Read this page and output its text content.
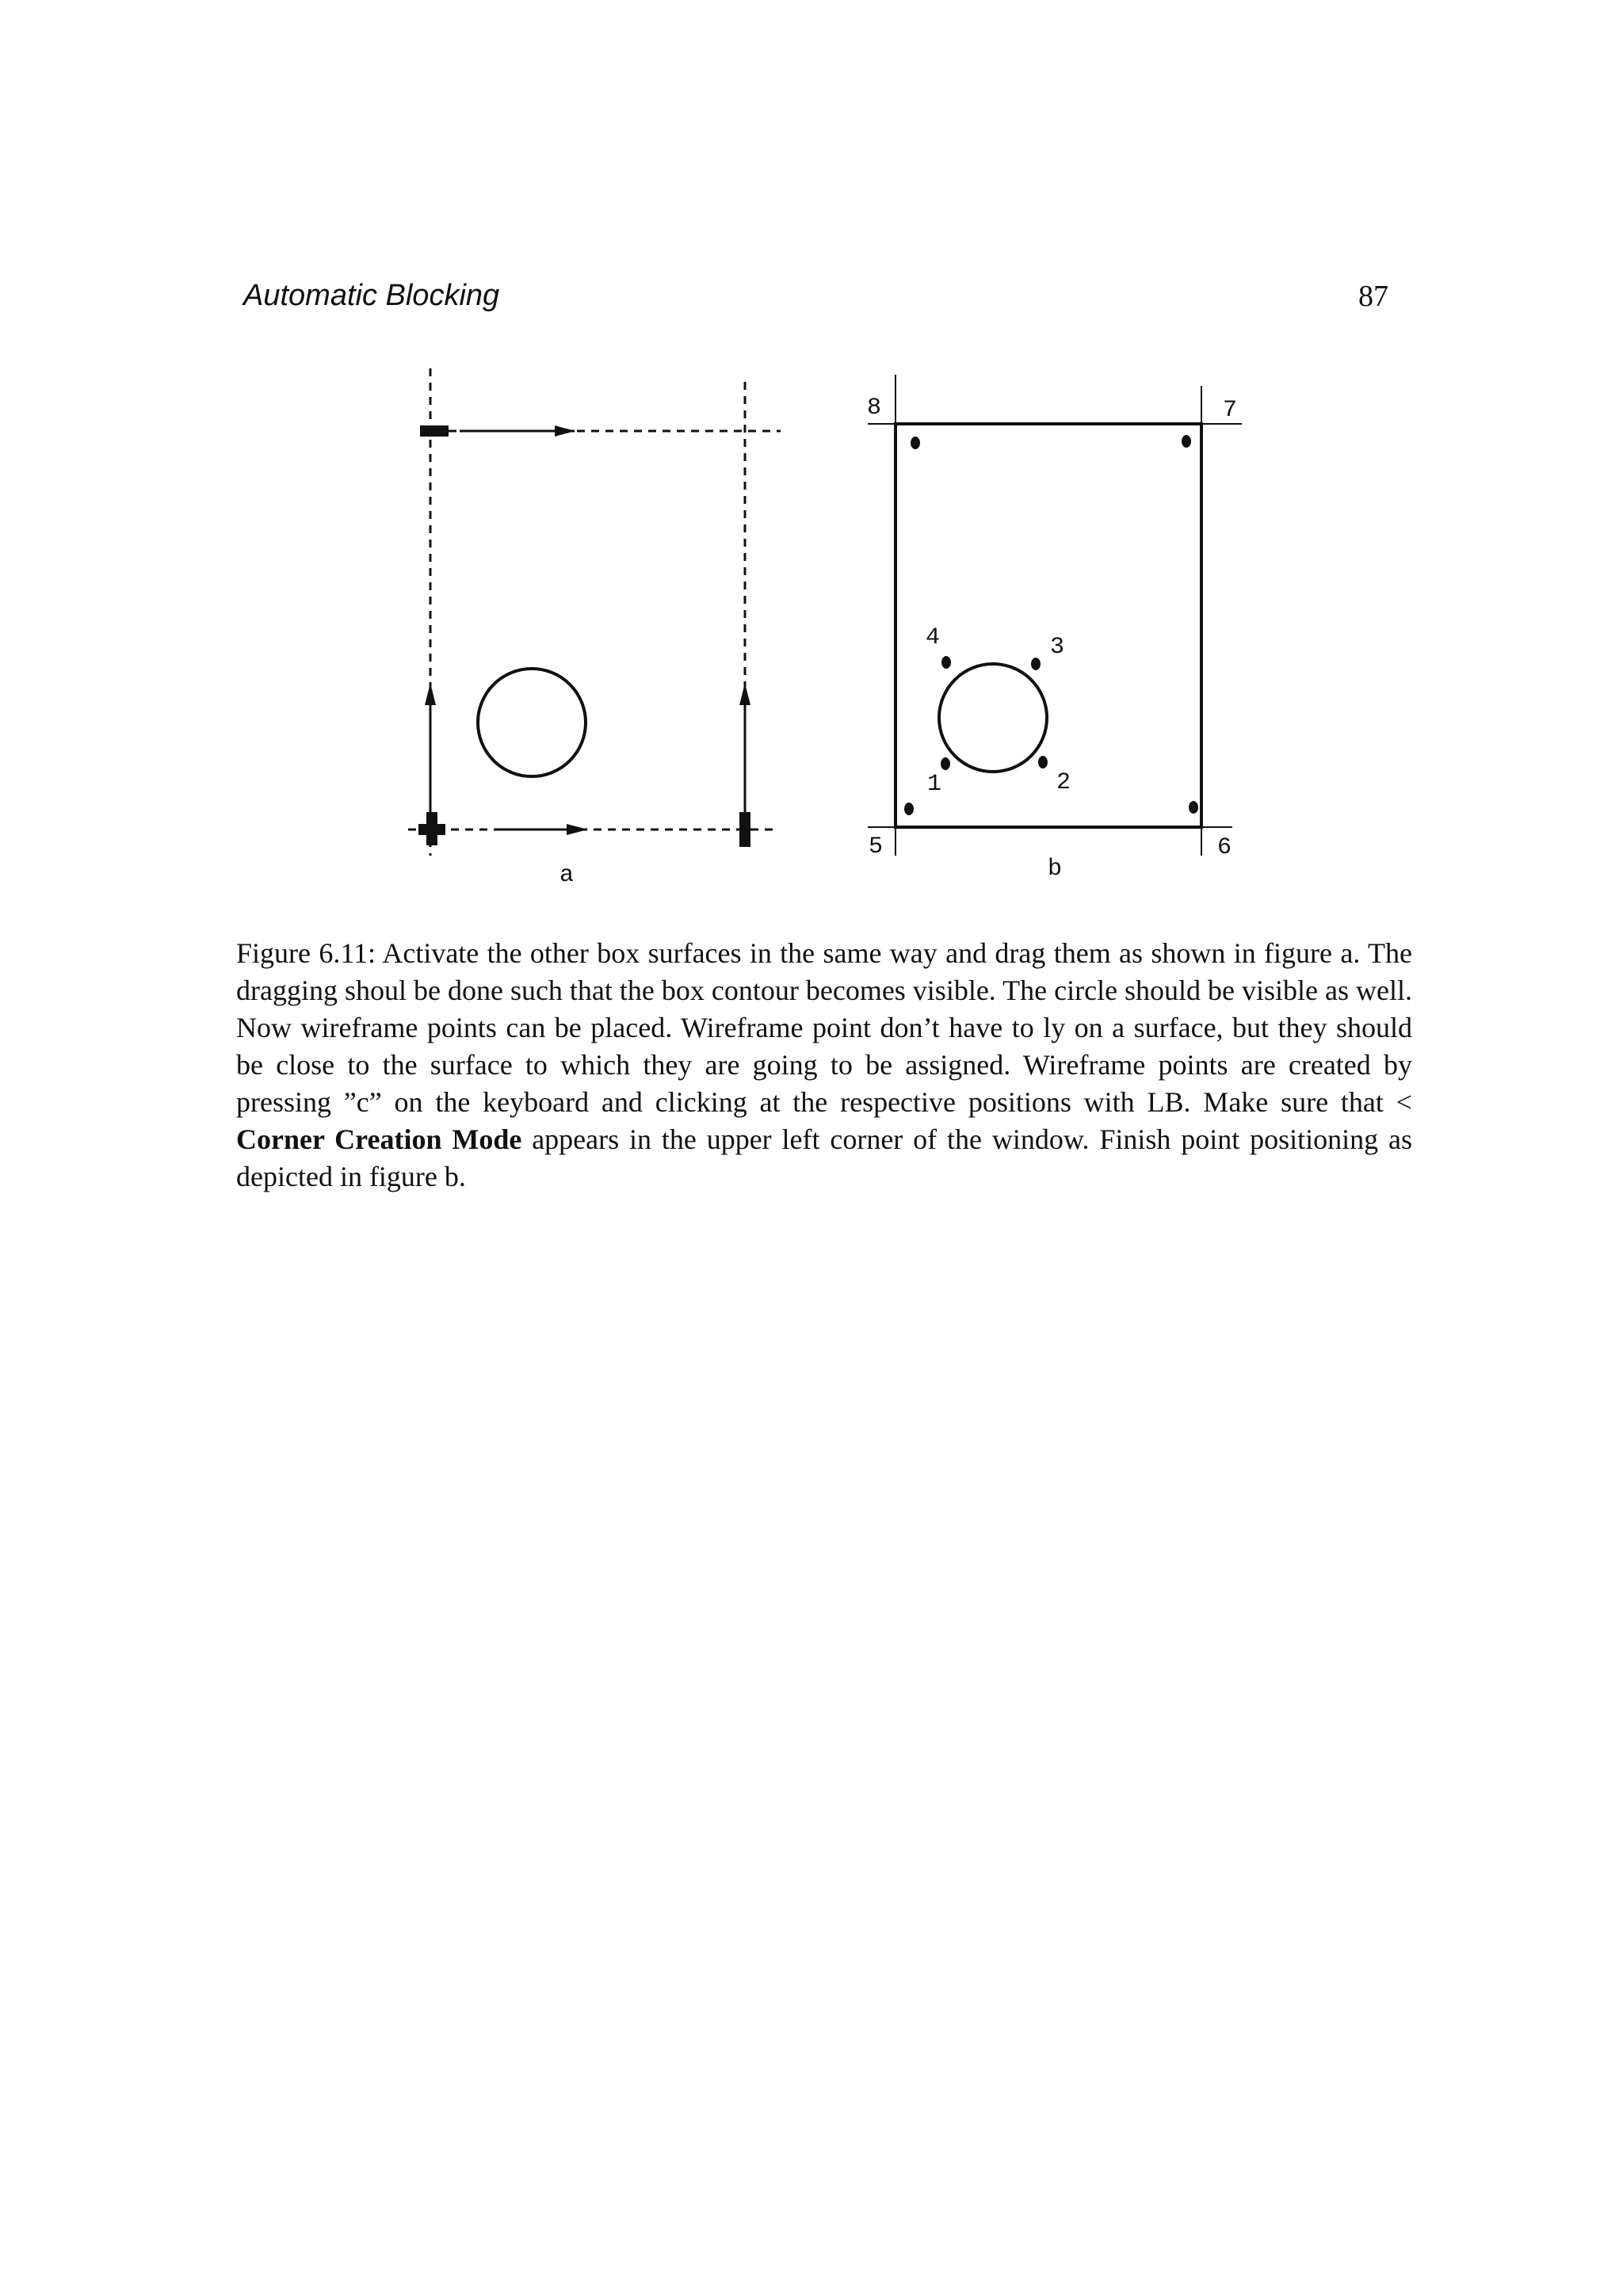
Automatic Blocking	87
a
8	7
5	6
4	3
1	2
b
Figure 6.11: Activate the other box surfaces in the same way and drag them as shown in figure a. The dragging shoul be done such that the box contour becomes visible. The circle should be visible as well. Now wireframe points can be placed. Wireframe point don’t have to ly on a surface, but they should be close to the surface to which they are going to be assigned. Wireframe points are created by pressing ”c” on the keyboard and clicking at the respective positions with LB. Make sure that < Corner Creation Mode appears in the upper left corner of the window. Finish point positioning as depicted in figure b.
